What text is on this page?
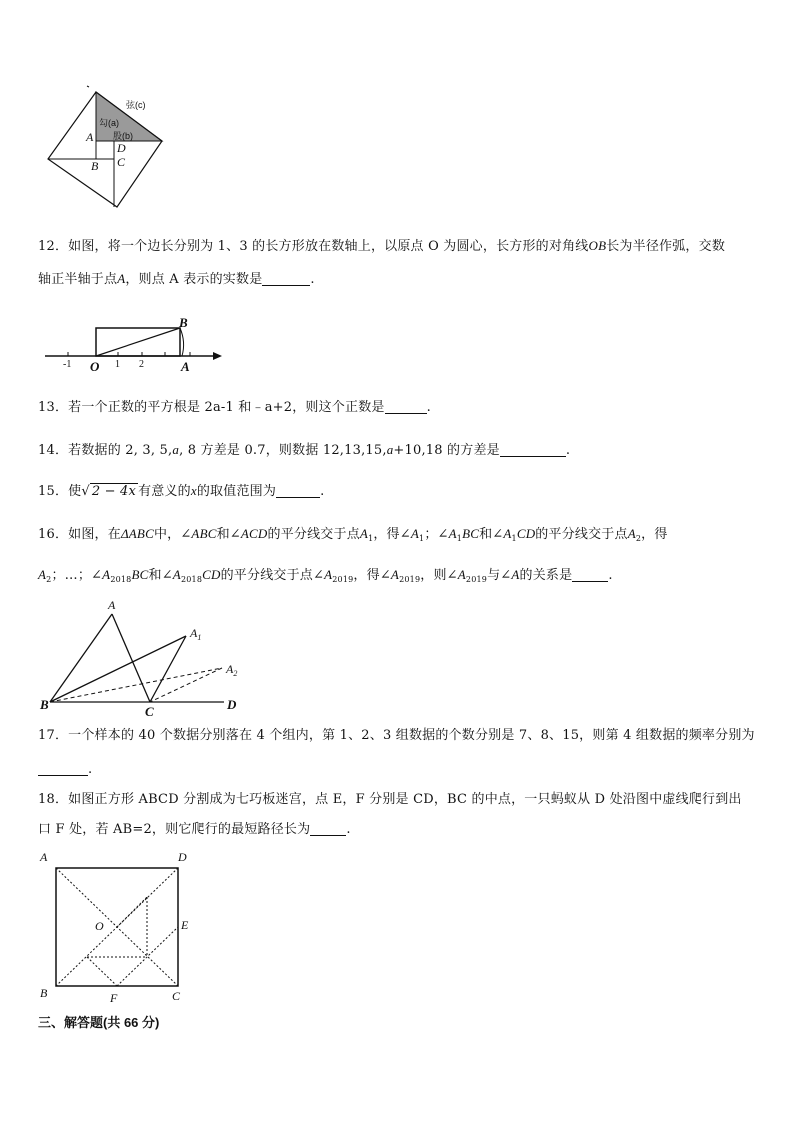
弦(c)
勾(a)
股(b)
A
D
C
B
12．如图，将一个边长分别为 1、3 的长方形放在数轴上，以原点 O 为圆心，长方形的对角线OB长为半径作弧，交数
轴正半轴于点A，则点 A 表示的实数是	.
-1 O 1 2
B
A
13．若一个正数的平方根是 2a-1 和﹣a+2，则这个正数是	.
14．若数据的 2, 3, 5,a, 8 方差是 0.7，则数据 12,13,15,a+10,18 的方差是	.
15．使√ 2 − 4x 有意义的x的取值范围为	.
16．如图，在ΔABC中，∠ABC和∠ACD的平分线交于点$A_1$，得$\angle A_1$；$\angle A_1BC$和$\angle A_1CD$的平分线交于点$A_2$，得
$A_2$；…；$\angle A_{2018}BC$和$\angle A_{2018}CD$的平分线交于点$\angle A_{2019}$，得$\angle A_{2019}$，则$\angle A_{2019}$与∠A的关系是	.
A
$A_1$
$A_2$
B	C	D
17．一个样本的 40 个数据分别落在 4 个组内，第 1、2、3 组数据的个数分别是 7、8、15，则第 4 组数据的频率分别为
.
18．如图正方形 ABCD 分割成为七巧板迷宫，点 E，F 分别是 CD，BC 的中点，一只蚂蚁从 D 处沿图中虚线爬行到出
口 F 处，若 AB=2，则它爬行的最短路径长为	.
A	D
O	E
B	F	C
三、解答题(共 66 分)
